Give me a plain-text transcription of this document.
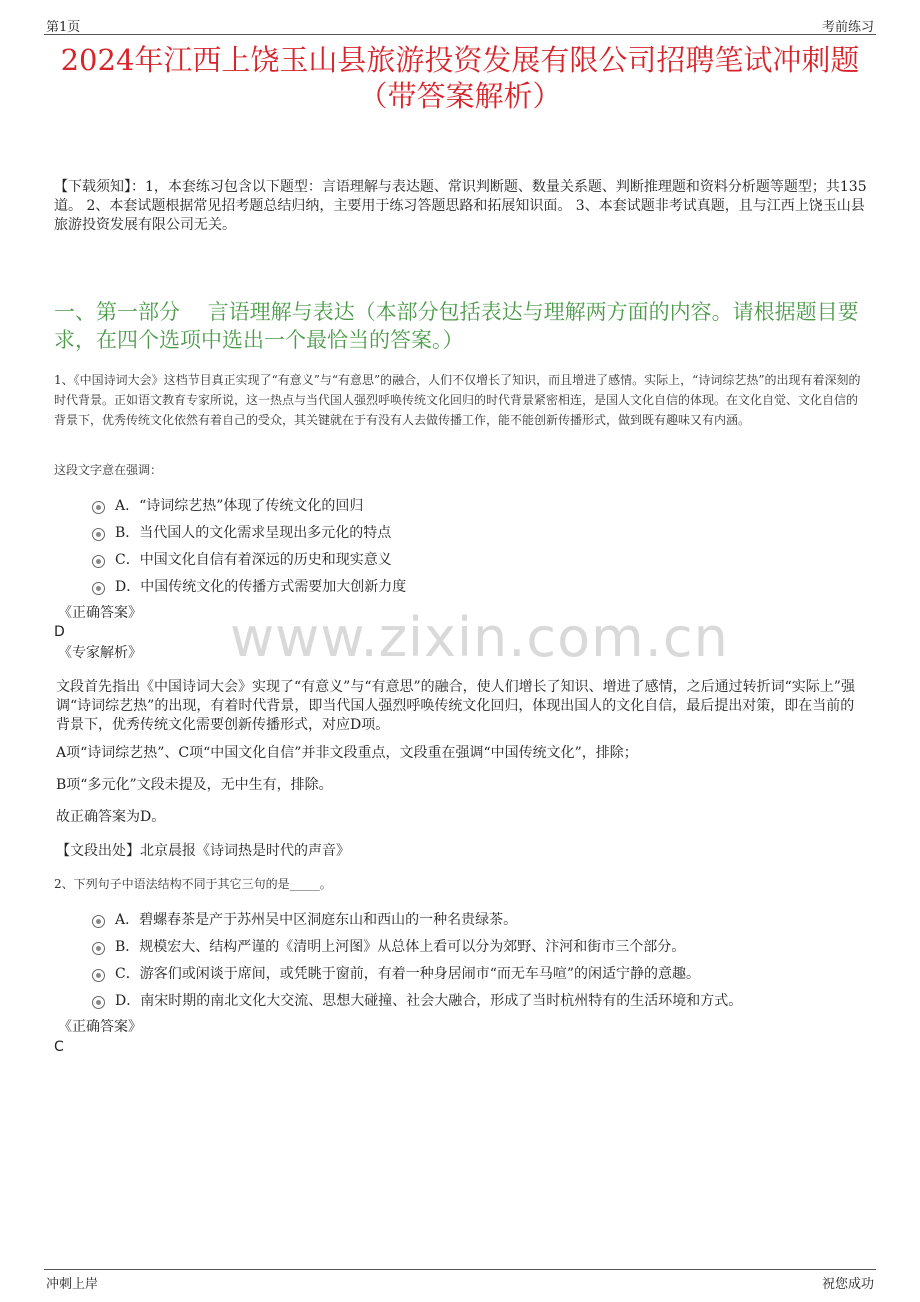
第1页	考前练习
2024年江西上饶玉山县旅游投资发展有限公司招聘笔试冲刺题
（带答案解析）
【下载须知】：1，本套练习包含以下题型：言语理解与表达题、常识判断题、数量关系题、判断推理题和资料分析题等题型；共135道。 2、本套试题根据常见招考题总结归纳，主要用于练习答题思路和拓展知识面。 3、本套试题非考试真题，且与江西上饶玉山县旅游投资发展有限公司无关。
一、第一部分　 言语理解与表达（本部分包括表达与理解两方面的内容。请根据题目要求，在四个选项中选出一个最恰当的答案。）
1、《中国诗词大会》这档节目真正实现了“有意义”与“有意思”的融合，人们不仅增长了知识，而且增进了感情。实际上，“诗词综艺热”的出现有着深刻的时代背景。正如语文教育专家所说，这一热点与当代国人强烈呼唤传统文化回归的时代背景紧密相连，是国人文化自信的体现。在文化自觉、文化自信的背景下，优秀传统文化依然有着自己的受众，其关键就在于有没有人去做传播工作，能不能创新传播形式，做到既有趣味又有内涵。
这段文字意在强调：
A．“诗词综艺热”体现了传统文化的回归
B．当代国人的文化需求呈现出多元化的特点
C．中国文化自信有着深远的历史和现实意义
D．中国传统文化的传播方式需要加大创新力度
《正确答案》
D
《专家解析》 www.zixin.com.cn
文段首先指出《中国诗词大会》实现了“有意义”与“有意思”的融合，使人们增长了知识、增进了感情，之后通过转折词“实际上”强调“诗词综艺热”的出现，有着时代背景，即当代国人强烈呼唤传统文化回归，体现出国人的文化自信，最后提出对策，即在当前的背景下，优秀传统文化需要创新传播形式，对应D项。
A项“诗词综艺热”、C项“中国文化自信”并非文段重点，文段重在强调“中国传统文化”，排除；
B项“多元化”文段未提及，无中生有，排除。
故正确答案为D。
【文段出处】北京晨报《诗词热是时代的声音》
2、下列句子中语法结构不同于其它三句的是_____。
A．碧螺春茶是产于苏州吴中区洞庭东山和西山的一种名贵绿茶。
B．规模宏大、结构严谨的《清明上河图》从总体上看可以分为郊野、汴河和街市三个部分。
C．游客们或闲谈于席间，或凭眺于窗前，有着一种身居闹市“而无车马喧”的闲适宁静的意趣。
D．南宋时期的南北文化大交流、思想大碰撞、社会大融合，形成了当时杭州特有的生活环境和方式。
《正确答案》
C
冲刺上岸	祝您成功
